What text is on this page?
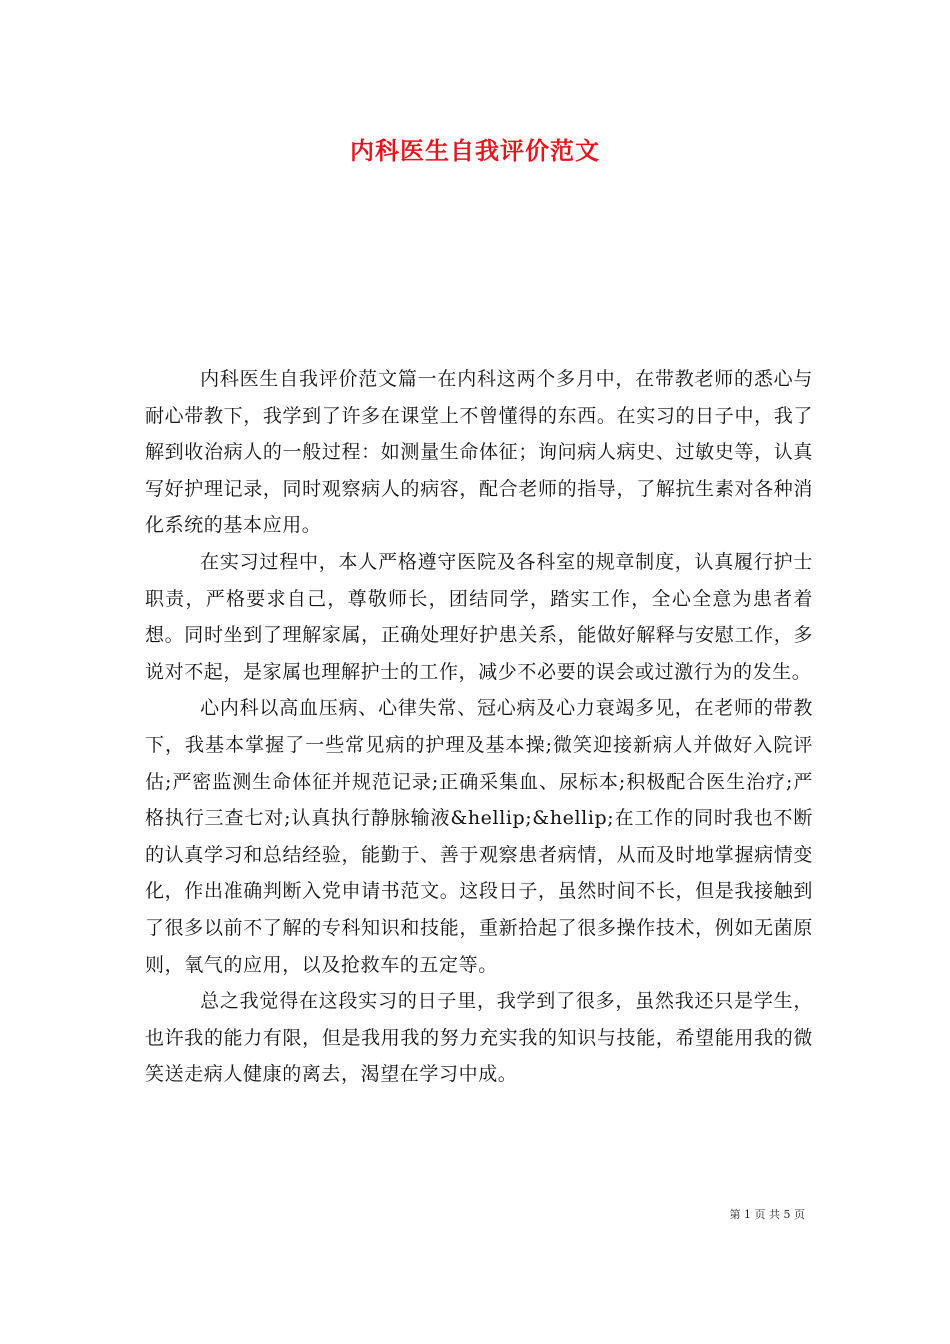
内科医生自我评价范文

内科医生自我评价范文篇一在内科这两个多月中，在带教老师的悉心与耐心带教下，我学到了许多在课堂上不曾懂得的东西。在实习的日子中，我了解到收治病人的一般过程：如测量生命体征；询问病人病史、过敏史等，认真写好护理记录，同时观察病人的病容，配合老师的指导，了解抗生素对各种消化系统的基本应用。

在实习过程中，本人严格遵守医院及各科室的规章制度，认真履行护士职责，严格要求自己，尊敬师长，团结同学，踏实工作，全心全意为患者着想。同时坐到了理解家属，正确处理好护患关系，能做好解释与安慰工作，多说对不起，是家属也理解护士的工作，减少不必要的误会或过激行为的发生。

心内科以高血压病、心律失常、冠心病及心力衰竭多见，在老师的带教下，我基本掌握了一些常见病的护理及基本操;微笑迎接新病人并做好入院评估;严密监测生命体征并规范记录;正确采集血、尿标本;积极配合医生治疗;严格执行三查七对;认真执行静脉输液&hellip;&hellip;在工作的同时我也不断的认真学习和总结经验，能勤于、善于观察患者病情，从而及时地掌握病情变化，作出准确判断入党申请书范文。这段日子，虽然时间不长，但是我接触到了很多以前不了解的专科知识和技能，重新拾起了很多操作技术，例如无菌原则，氧气的应用，以及抢救车的五定等。

总之我觉得在这段实习的日子里，我学到了很多，虽然我还只是学生，也许我的能力有限，但是我用我的努力充实我的知识与技能，希望能用我的微笑送走病人健康的离去，渴望在学习中成。

第 1 页 共 5 页
